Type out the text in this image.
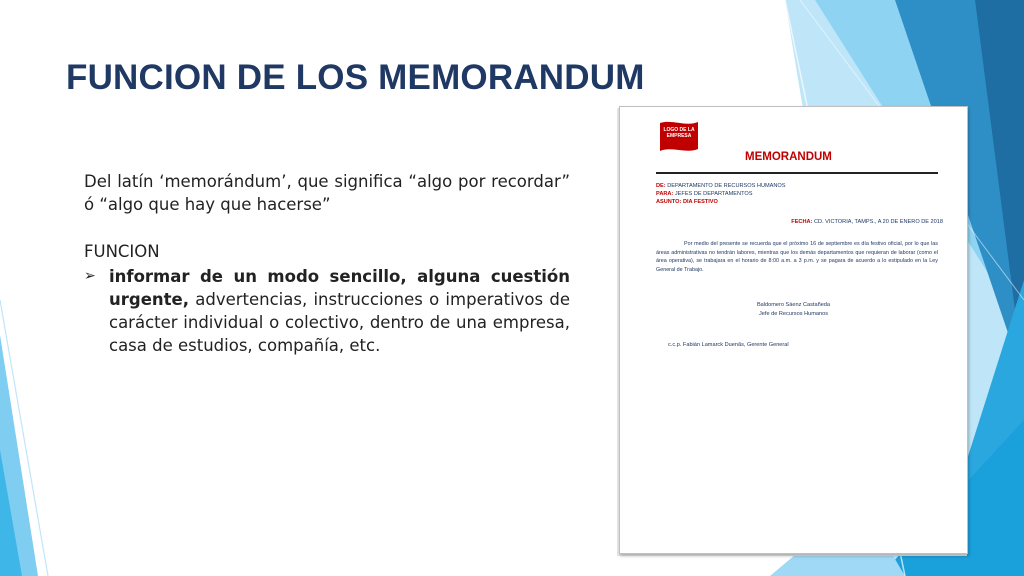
FUNCION DE LOS MEMORANDUM

Del latín ‘memorándum’, que significa “algo por recordar” ó “algo que hay que hacerse”

FUNCION

➢ informar de un modo sencillo, alguna cuestión urgente, advertencias, instrucciones o imperativos de carácter individual o colectivo, dentro de una empresa, casa de estudios, compañía, etc.
LOGO DE LA EMPRESA
MEMORANDUM
DE: DEPARTAMENTO DE RECURSOS HUMANOS
PARA: JEFES DE DEPARTAMENTOS
ASUNTO: DIA FESTIVO
FECHA: CD. VICTORIA, TAMPS., A 20 DE ENERO DE 2018
Por medio del presente se recuerda que el próximo 16 de septiembre es día festivo oficial, por lo que las áreas administrativas no tendrán labores, mientras que los demás departamentos que requieran de laborar (como el área operativa), se trabajara en el horario de 8:00 a.m. a 3 p.m. y se pagara de acuerdo a lo estipulado en la Ley General de Trabajo.
Baldomero Sáenz Castañeda
Jefe de Recursos Humanos
c.c.p. Fabián Lamarck Duenãs, Gerente General
